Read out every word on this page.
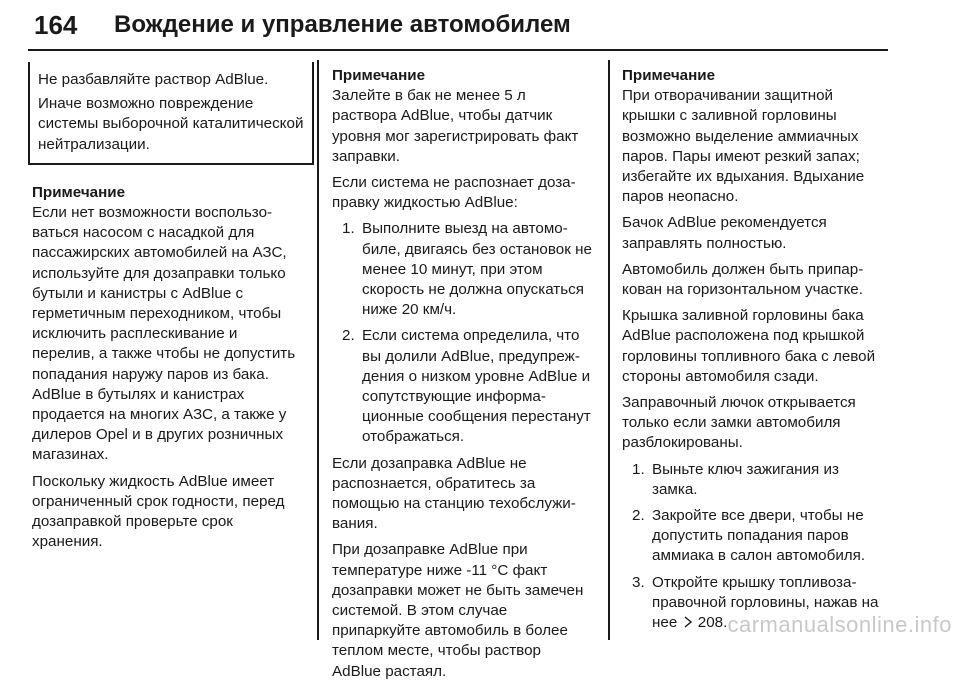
164 Вождение и управление автомобилем

Не разбавляйте раствор AdBlue.

Иначе возможно повреждение системы выборочной каталитической нейтрализации.

Примечание

Если нет возможности воспользоваться насосом с насадкой для пассажирских автомобилей на АЗС, используйте для дозаправки только бутыли и канистры с AdBlue с герметичным переходником, чтобы исключить расплескивание и перелив, а также чтобы не допустить попадания наружу паров из бака. AdBlue в бутылях и канистрах продается на многих АЗС, а также у дилеров Opel и в других розничных магазинах.

Поскольку жидкость AdBlue имеет ограниченный срок годности, перед дозаправкой проверьте срок хранения.

Примечание

Залейте в бак не менее 5 л раствора AdBlue, чтобы датчик уровня мог зарегистрировать факт заправки.

Если система не распознает дозаправку жидкостью AdBlue:

1. Выполните выезд на автомобиле, двигаясь без остановок не менее 10 минут, при этом скорость не должна опускаться ниже 20 км/ч.
2. Если система определила, что вы долили AdBlue, предупреждения о низком уровне AdBlue и сопутствующие информационные сообщения перестанут отображаться.

Если дозаправка AdBlue не распознается, обратитесь за помощью на станцию техобслуживания.

При дозаправке AdBlue при температуре ниже -11 °C факт дозаправки может не быть замечен системой. В этом случае припаркуйте автомобиль в более теплом месте, чтобы раствор AdBlue растаял.

Примечание

При отворачивании защитной крышки с заливной горловины возможно выделение аммиачных паров. Пары имеют резкий запах; избегайте их вдыхания. Вдыхание паров неопасно.

Бачок AdBlue рекомендуется заправлять полностью.

Автомобиль должен быть припаркован на горизонтальном участке.

Крышка заливной горловины бака AdBlue расположена под крышкой горловины топливного бака с левой стороны автомобиля сзади.

Заправочный лючок открывается только если замки автомобиля разблокированы.

1. Выньте ключ зажигания из замка.
2. Закройте все двери, чтобы не допустить попадания паров аммиака в салон автомобиля.
3. Откройте крышку топливозаправочной горловины, нажав на нее 208. carmanualsonline.info
